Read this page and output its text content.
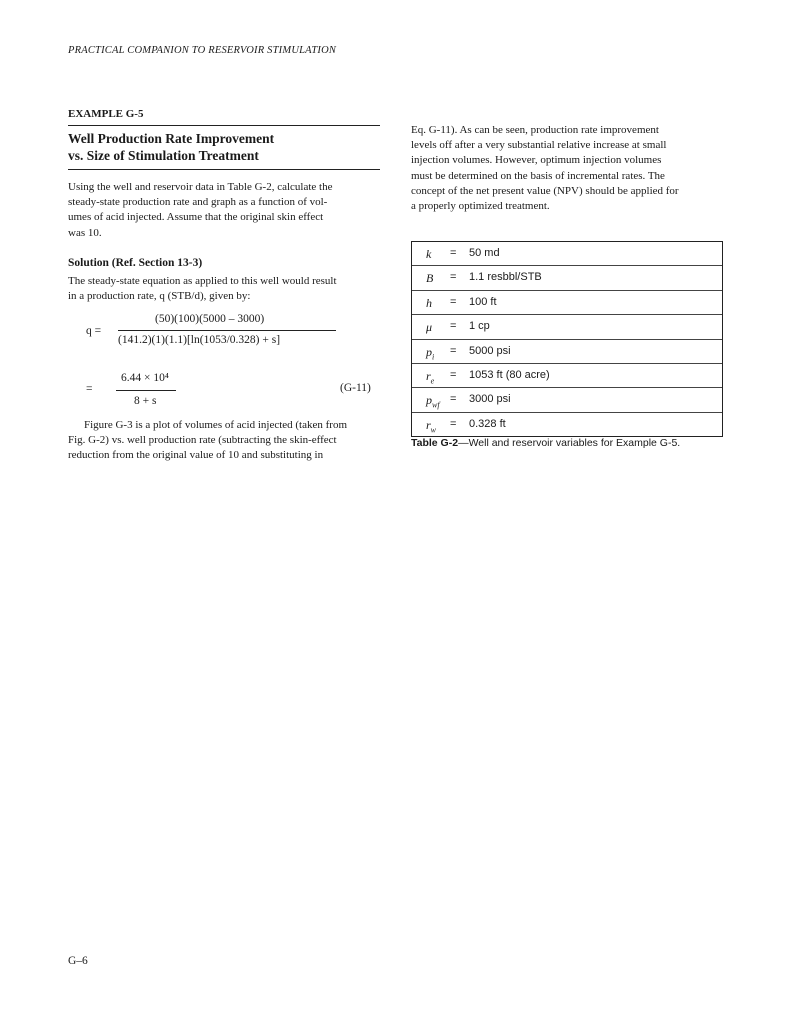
PRACTICAL COMPANION TO RESERVOIR STIMULATION
EXAMPLE G-5
Well Production Rate Improvement
vs. Size of Stimulation Treatment
Using the well and reservoir data in Table G-2, calculate the
steady-state production rate and graph as a function of vol-
umes of acid injected. Assume that the original skin effect
was 10.
Solution (Ref. Section 13-3)
The steady-state equation as applied to this well would result
in a production rate, q (STB/d), given by:
q =
(50)(100)(5000 – 3000)
(141.2)(1)(1.1)[ln(1053/0.328) + s]
=
6.44 × 10⁴
8 + s
(G-11)
Figure G-3 is a plot of volumes of acid injected (taken from
Fig. G-2) vs. well production rate (subtracting the skin-effect
reduction from the original value of 10 and substituting in
Eq. G-11). As can be seen, production rate improvement
levels off after a very substantial relative increase at small
injection volumes. However, optimum injection volumes
must be determined on the basis of incremental rates. The
concept of the net present value (NPV) should be applied for
a properly optimized treatment.
k	= 50 md
B	= 1.1 resbbl/STB
h	= 100 ft
μ	= 1 cp
$p_i$	= 5000 psi
$r_e$	= 1053 ft (80 acre)
$p_{wf} = 3000$ psi
$r_w$	= 0.328 ft
Table G-2—Well and reservoir variables for Example G-5.
G–6
